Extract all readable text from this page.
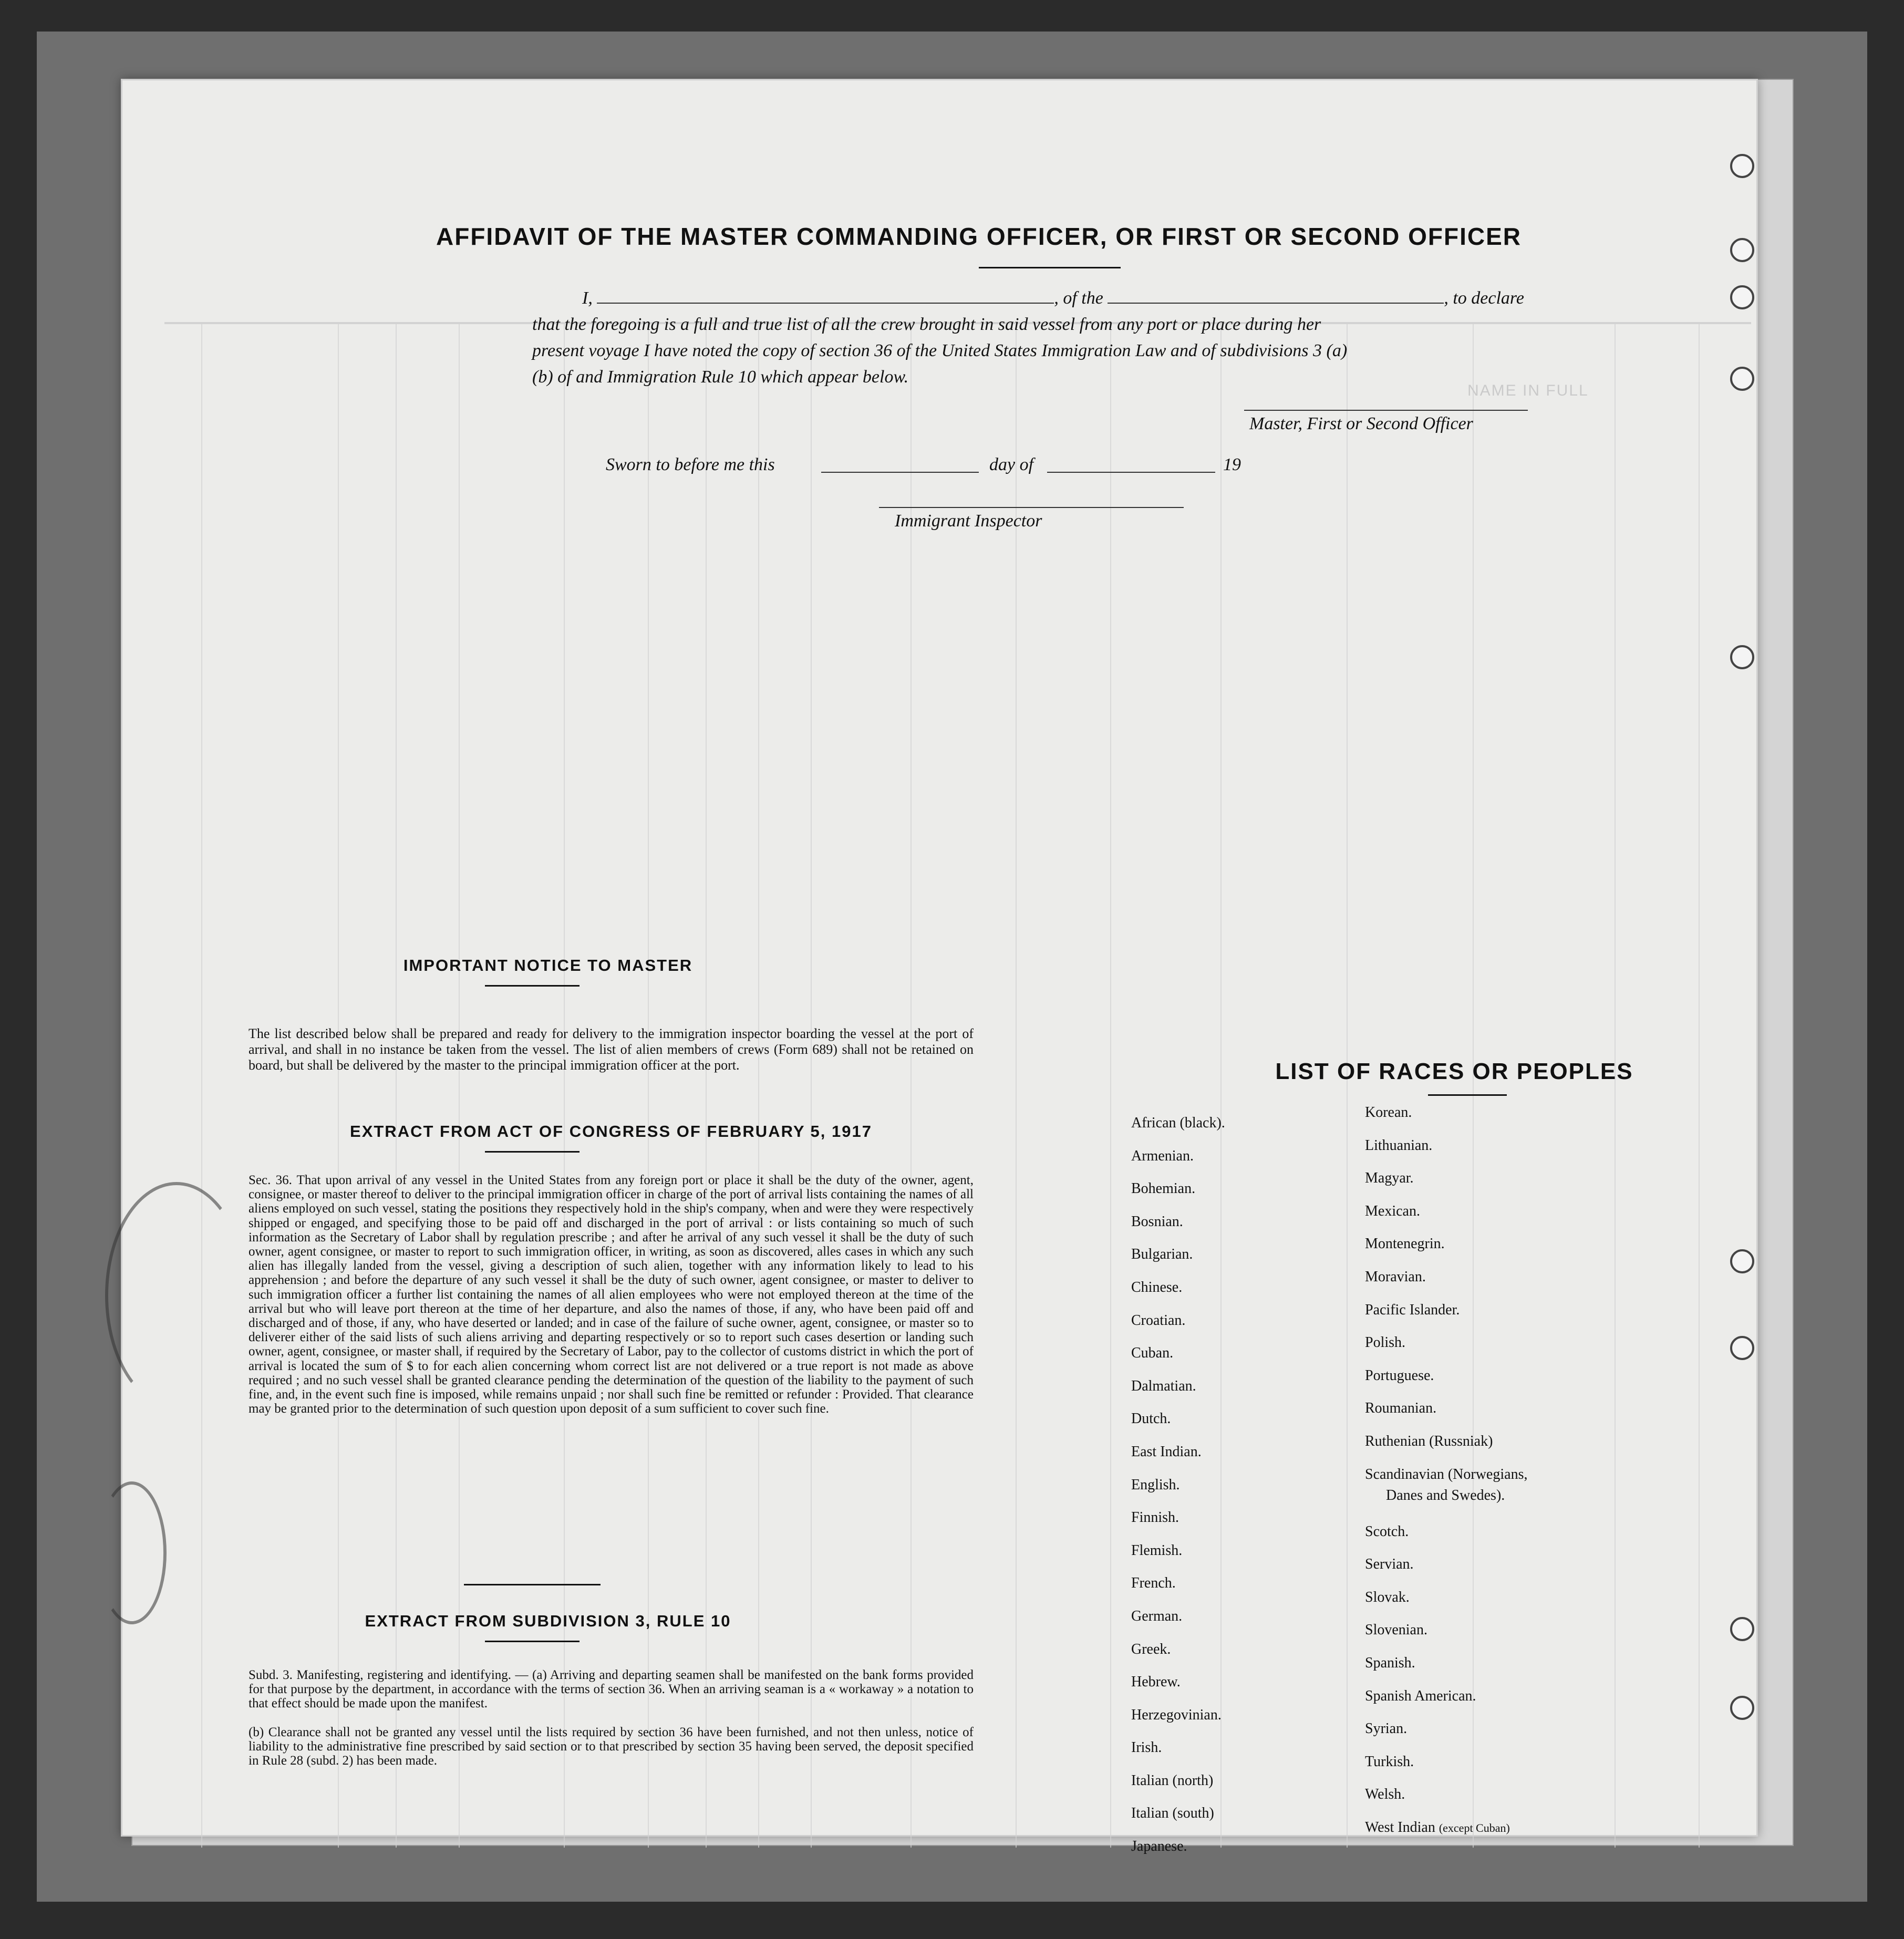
NAME IN FULL
AFFIDAVIT OF THE MASTER COMMANDING OFFICER, OR FIRST OR SECOND OFFICER
I,	, of the	, to declare
that the foregoing is a full and true list of all the crew brought in said vessel from any port or place during her
present voyage I have noted the copy of section 36 of the United States Immigration Law and of subdivisions 3 (a)
(b) of and Immigration Rule 10 which appear below.
Master, First or Second Officer
Sworn to before me this	day of	19
Immigrant Inspector
IMPORTANT NOTICE TO MASTER
The list described below shall be prepared and ready for delivery to the immigration inspector boarding the vessel at the port of arrival, and shall in no instance be taken from the vessel. The list of alien members of crews (Form 689) shall not be retained on board, but shall be delivered by the master to the principal immigration officer at the port.
EXTRACT FROM ACT OF CONGRESS OF FEBRUARY 5, 1917
Sec. 36. That upon arrival of any vessel in the United States from any foreign port or place it shall be the duty of the owner, agent, consignee, or master thereof to deliver to the principal immigration officer in charge of the port of arrival lists containing the names of all aliens employed on such vessel, stating the positions they respectively hold in the ship's company, when and were they were respectively shipped or engaged, and specifying those to be paid off and discharged in the port of arrival : or lists containing so much of such information as the Secretary of Labor shall by regulation prescribe ; and after he arrival of any such vessel it shall be the duty of such owner, agent consignee, or master to report to such immigration officer, in writing, as soon as discovered, alles cases in which any such alien has illegally landed from the vessel, giving a description of such alien, together with any information likely to lead to his apprehension ; and before the departure of any such vessel it shall be the duty of such owner, agent consignee, or master to deliver to such immigration officer a further list containing the names of all alien employees who were not employed thereon at the time of the arrival but who will leave port thereon at the time of her departure, and also the names of those, if any, who have been paid off and discharged and of those, if any, who have deserted or landed; and in case of the failure of suche owner, agent, consignee, or master so to deliverer either of the said lists of such aliens arriving and departing respectively or so to report such cases desertion or landing such owner, agent, consignee, or master shall, if required by the Secretary of Labor, pay to the collector of customs district in which the port of arrival is located the sum of $ to for each alien concerning whom correct list are not delivered or a true report is not made as above required ; and no such vessel shall be granted clearance pending the determination of the question of the liability to the payment of such fine, and, in the event such fine is imposed, while remains unpaid ; nor shall such fine be remitted or refunder : Provided. That clearance may be granted prior to the determination of such question upon deposit of a sum sufficient to cover such fine.
EXTRACT FROM SUBDIVISION 3, RULE 10
Subd. 3. Manifesting, registering and identifying. — (a) Arriving and departing seamen shall be manifested on the bank forms provided for that purpose by the department, in accordance with the terms of section 36. When an arriving seaman is a « workaway » a notation to that effect should be made upon the manifest.
(b) Clearance shall not be granted any vessel until the lists required by section 36 have been furnished, and not then unless, notice of liability to the administrative fine prescribed by said section or to that prescribed by section 35 having been served, the deposit specified in Rule 28 (subd. 2) has been made.
LIST OF RACES OR PEOPLES
African (black).
Armenian.
Bohemian.
Bosnian.
Bulgarian.
Chinese.
Croatian.
Cuban.
Dalmatian.
Dutch.
East Indian.
English.
Finnish.
Flemish.
French.
German.
Greek.
Hebrew.
Herzegovinian.
Irish.
Italian (north)
Italian (south)
Japanese.
Korean.
Lithuanian.
Magyar.
Mexican.
Montenegrin.
Moravian.
Pacific Islander.
Polish.
Portuguese.
Roumanian.
Ruthenian (Russniak)
Scandinavian (Norwegians,
Danes and Swedes).
Scotch.
Servian.
Slovak.
Slovenian.
Spanish.
Spanish American.
Syrian.
Turkish.
Welsh.
West Indian (except Cuban)
